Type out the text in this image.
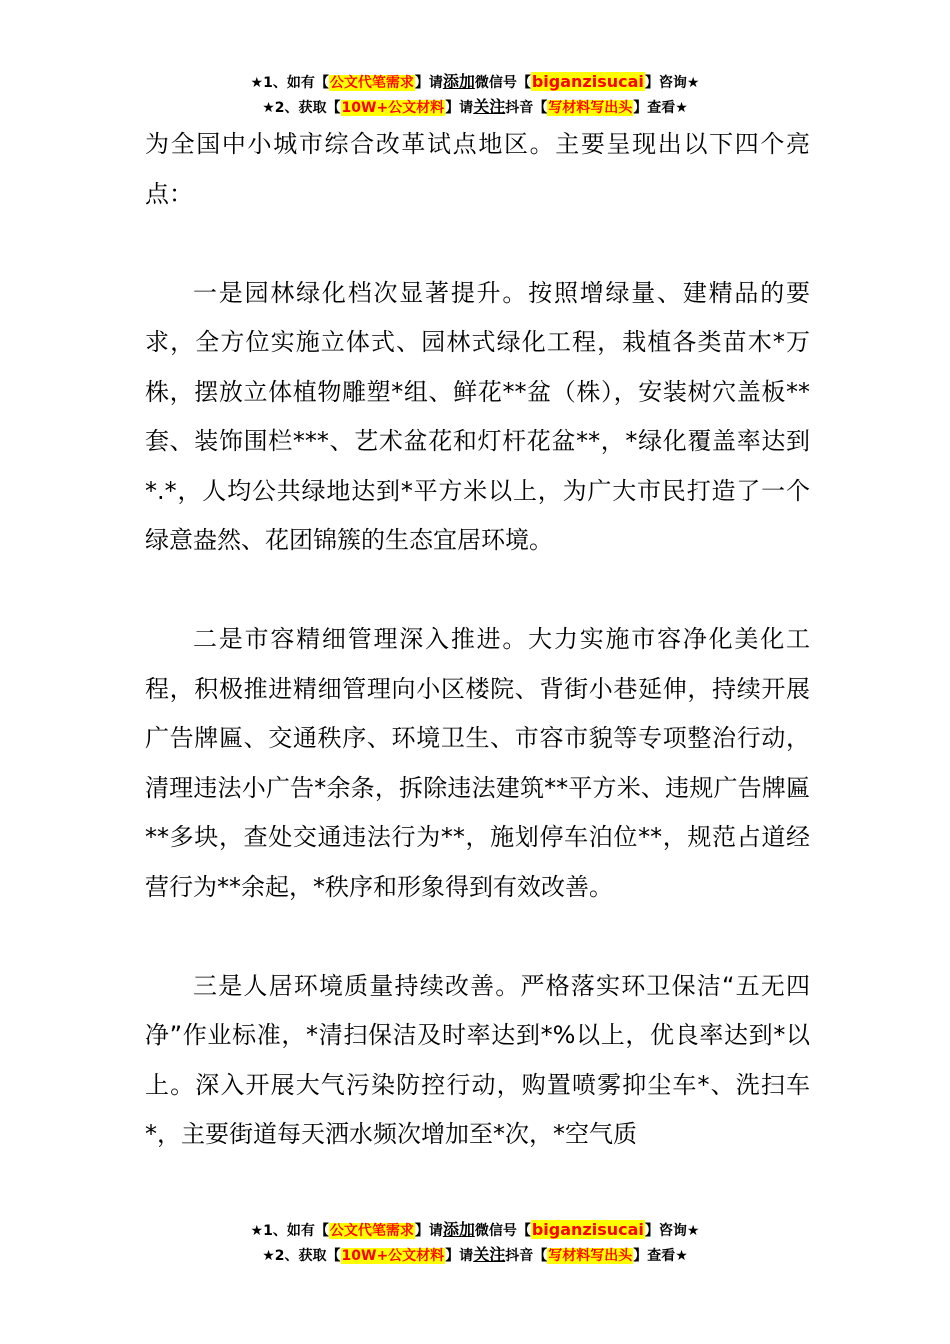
★1、如有【公文代笔需求】请添加微信号【biganzisucai】咨询★
★2、获取【10W+公文材料】请关注抖音【写材料写出头】查看★

为全国中小城市综合改革试点地区。主要呈现出以下四个亮点：

一是园林绿化档次显著提升。按照增绿量、建精品的要求，全方位实施立体式、园林式绿化工程，栽植各类苗木*万株，摆放立体植物雕塑*组、鲜花**盆（株），安装树穴盖板**套、装饰围栏***、艺术盆花和灯杆花盆**，*绿化覆盖率达到*.*，人均公共绿地达到*平方米以上，为广大市民打造了一个绿意盎然、花团锦簇的生态宜居环境。

二是市容精细管理深入推进。大力实施市容净化美化工程，积极推进精细管理向小区楼院、背街小巷延伸，持续开展广告牌匾、交通秩序、环境卫生、市容市貌等专项整治行动，清理违法小广告*余条，拆除违法建筑**平方米、违规广告牌匾**多块，查处交通违法行为**，施划停车泊位**，规范占道经营行为**余起，*秩序和形象得到有效改善。

三是人居环境质量持续改善。严格落实环卫保洁“五无四净”作业标准，*清扫保洁及时率达到*%以上，优良率达到*以上。深入开展大气污染防控行动，购置喷雾抑尘车*、洗扫车*，主要街道每天洒水频次增加至*次，*空气质

★1、如有【公文代笔需求】请添加微信号【biganzisucai】咨询★
★2、获取【10W+公文材料】请关注抖音【写材料写出头】查看★
